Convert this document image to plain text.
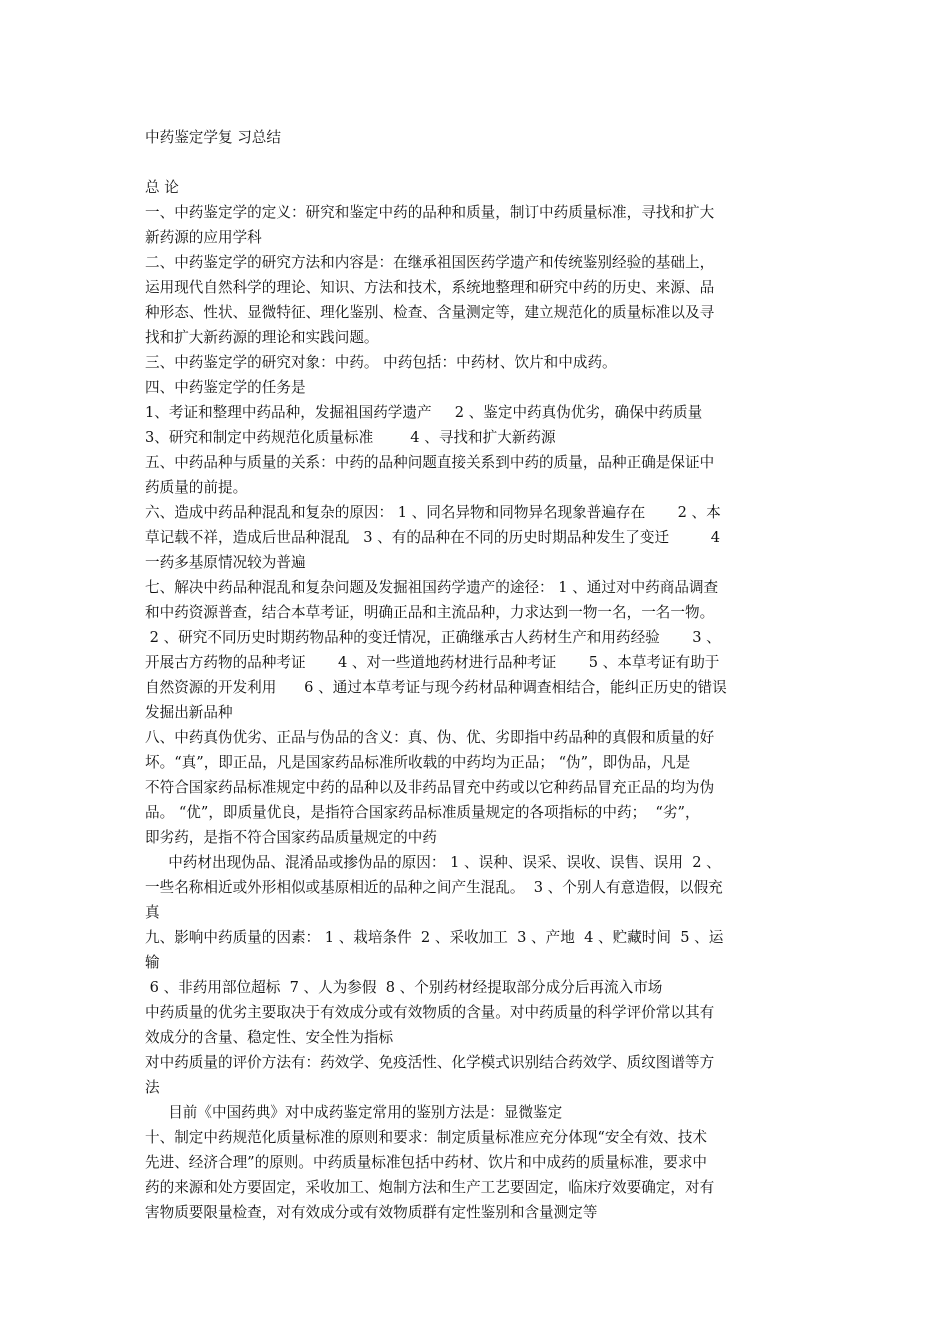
中药鉴定学复 习总结
总 论
一、中药鉴定学的定义：研究和鉴定中药的品种和质量，制订中药质量标准，寻找和扩大
新药源的应用学科
二、中药鉴定学的研究方法和内容是：在继承祖国医药学遗产和传统鉴别经验的基础上，
运用现代自然科学的理论、知识、方法和技术，系统地整理和研究中药的历史、来源、品
种形态、性状、显微特征、理化鉴别、检查、含量测定等，建立规范化的质量标准以及寻
找和扩大新药源的理论和实践问题。
三、中药鉴定学的研究对象：中药。 中药包括：中药材、饮片和中成药。
四、中药鉴定学的任务是
1、考证和整理中药品种，发掘祖国药学遗产     2 、鉴定中药真伪优劣，确保中药质量
3、研究和制定中药规范化质量标准        4 、寻找和扩大新药源
五、中药品种与质量的关系：中药的品种问题直接关系到中药的质量，品种正确是保证中
药质量的前提。
六、造成中药品种混乱和复杂的原因： 1 、同名异物和同物异名现象普遍存在       2 、本
草记载不祥，造成后世品种混乱   3 、有的品种在不同的历史时期品种发生了变迁         4
一药多基原情况较为普遍
七、解决中药品种混乱和复杂问题及发掘祖国药学遗产的途径： 1 、通过对中药商品调查
和中药资源普查，结合本草考证，明确正品和主流品种，力求达到一物一名，一名一物。
2 、研究不同历史时期药物品种的变迁情况，正确继承古人药材生产和用药经验       3 、
开展古方药物的品种考证       4 、对一些道地药材进行品种考证       5 、本草考证有助于
自然资源的开发利用      6 、通过本草考证与现今药材品种调查相结合，能纠正历史的错误
发掘出新品种
八、中药真伪优劣、正品与伪品的含义：真、伪、优、劣即指中药品种的真假和质量的好
坏。“真”，即正品，凡是国家药品标准所收载的中药均为正品； “伪”，即伪品，凡是
不符合国家药品标准规定中药的品种以及非药品冒充中药或以它种药品冒充正品的均为伪
品。 “优”，即质量优良，是指符合国家药品标准质量规定的各项指标的中药；  “劣”，
即劣药，是指不符合国家药品质量规定的中药
中药材出现伪品、混淆品或掺伪品的原因： 1 、误种、误采、误收、误售、误用  2 、
一些名称相近或外形相似或基原相近的品种之间产生混乱。  3 、个别人有意造假，以假充
真
九、影响中药质量的因素： 1 、栽培条件  2 、采收加工  3 、产地  4 、贮藏时间  5 、运
输
6 、非药用部位超标  7 、人为参假  8 、个别药材经提取部分成分后再流入市场
中药质量的优劣主要取决于有效成分或有效物质的含量。对中药质量的科学评价常以其有
效成分的含量、稳定性、安全性为指标
对中药质量的评价方法有：药效学、免疫活性、化学模式识别结合药效学、质纹图谱等方
法
目前《中国药典》对中成药鉴定常用的鉴别方法是：显微鉴定
十、制定中药规范化质量标准的原则和要求：制定质量标准应充分体现“安全有效、技术
先进、经济合理”的原则。中药质量标准包括中药材、饮片和中成药的质量标准，要求中
药的来源和处方要固定，采收加工、炮制方法和生产工艺要固定，临床疗效要确定，对有
害物质要限量检查，对有效成分或有效物质群有定性鉴别和含量测定等
